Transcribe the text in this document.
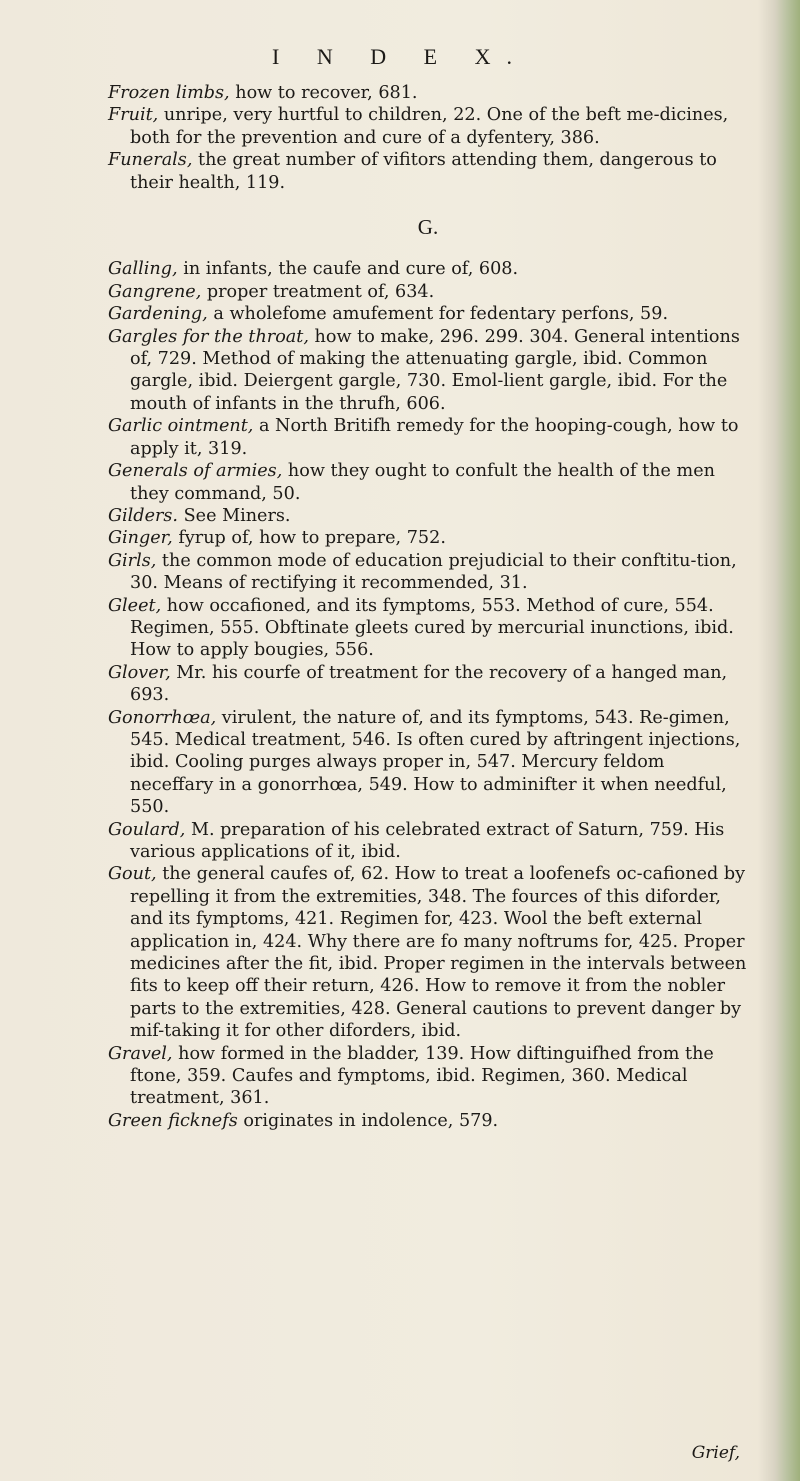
I N D E X.
Frozen limbs, how to recover, 681.
Fruit, unripe, very hurtful to children, 22. One of the beft me-dicines, both for the prevention and cure of a dyfentery, 386.
Funerals, the great number of vifitors attending them, dangerous to their health, 119.
G.
Galling, in infants, the caufe and cure of, 608.
Gangrene, proper treatment of, 634.
Gardening, a wholefome amufement for fedentary perfons, 59.
Gargles for the throat, how to make, 296. 299. 304. General intentions of, 729. Method of making the attenuating gargle, ibid. Common gargle, ibid. Deiergent gargle, 730. Emol-lient gargle, ibid. For the mouth of infants in the thrufh, 606.
Garlic ointment, a North Britifh remedy for the hooping-cough, how to apply it, 319.
Generals of armies, how they ought to confult the health of the men they command, 50.
Gilders. See Miners.
Ginger, fyrup of, how to prepare, 752.
Girls, the common mode of education prejudicial to their conftitu-tion, 30. Means of rectifying it recommended, 31.
Gleet, how occafioned, and its fymptoms, 553. Method of cure, 554. Regimen, 555. Obftinate gleets cured by mercurial inunctions, ibid. How to apply bougies, 556.
Glover, Mr. his courfe of treatment for the recovery of a hanged man, 693.
Gonorrhœa, virulent, the nature of, and its fymptoms, 543. Re-gimen, 545. Medical treatment, 546. Is often cured by aftringent injections, ibid. Cooling purges always proper in, 547. Mercury feldom neceffary in a gonorrhœa, 549. How to adminifter it when needful, 550.
Goulard, M. preparation of his celebrated extract of Saturn, 759. His various applications of it, ibid.
Gout, the general caufes of, 62. How to treat a loofenefs oc-cafioned by repelling it from the extremities, 348. The fources of this diforder, and its fymptoms, 421. Regimen for, 423. Wool the beft external application in, 424. Why there are fo many noftrums for, 425. Proper medicines after the fit, ibid. Proper regimen in the intervals between fits to keep off their return, 426. How to remove it from the nobler parts to the extremities, 428. General cautions to prevent danger by mif-taking it for other diforders, ibid.
Gravel, how formed in the bladder, 139. How diftinguifhed from the ftone, 359. Caufes and fymptoms, ibid. Regimen, 360. Medical treatment, 361.
Green ficknefs originates in indolence, 579.
Grief,
